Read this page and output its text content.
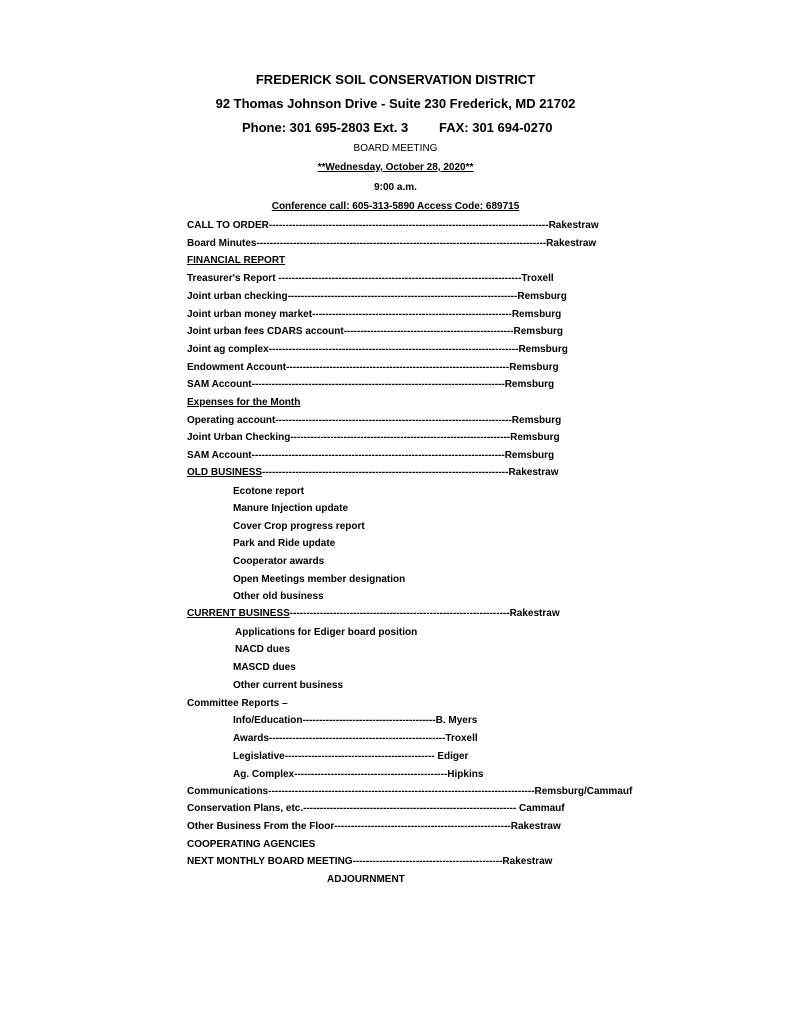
FREDERICK SOIL CONSERVATION DISTRICT
92 Thomas Johnson Drive - Suite 230 Frederick, MD 21702
Phone: 301 695-2803 Ext. 3 FAX: 301 694-0270
BOARD MEETING
**Wednesday, October 28, 2020**
9:00 a.m.
Conference call: 605-313-5890 Access Code: 689715
CALL TO ORDER------------------------------------------------------------------------------------Rakestraw
Board Minutes---------------------------------------------------------------------------------------Rakestraw
FINANCIAL REPORT
Treasurer's Report -------------------------------------------------------------------------Troxell
Joint urban checking---------------------------------------------------------------------Remsburg
Joint urban money market------------------------------------------------------------Remsburg
Joint urban fees CDARS account---------------------------------------------------Remsburg
Joint ag complex---------------------------------------------------------------------------Remsburg
Endowment Account-------------------------------------------------------------------Remsburg
SAM Account----------------------------------------------------------------------------Remsburg
Expenses for the Month
Operating account-----------------------------------------------------------------------Remsburg
Joint Urban Checking------------------------------------------------------------------Remsburg
SAM Account----------------------------------------------------------------------------Remsburg
OLD BUSINESS--------------------------------------------------------------------------Rakestraw
Ecotone report
Manure Injection update
Cover Crop progress report
Park and Ride update
Cooperator awards
Open Meetings member designation
Other old business
CURRENT BUSINESS------------------------------------------------------------------Rakestraw
Applications for Ediger board position
NACD dues
MASCD dues
Other current business
Committee Reports –
Info/Education----------------------------------------B. Myers
Awards-----------------------------------------------------Troxell
Legislative--------------------------------------------- Ediger
Ag. Complex----------------------------------------------Hipkins
Communications--------------------------------------------------------------------------------Remsburg/Cammauf
Conservation Plans, etc.---------------------------------------------------------------- Cammauf
Other Business From the Floor-----------------------------------------------------Rakestraw
COOPERATING AGENCIES
NEXT MONTHLY BOARD MEETING---------------------------------------------Rakestraw
ADJOURNMENT
